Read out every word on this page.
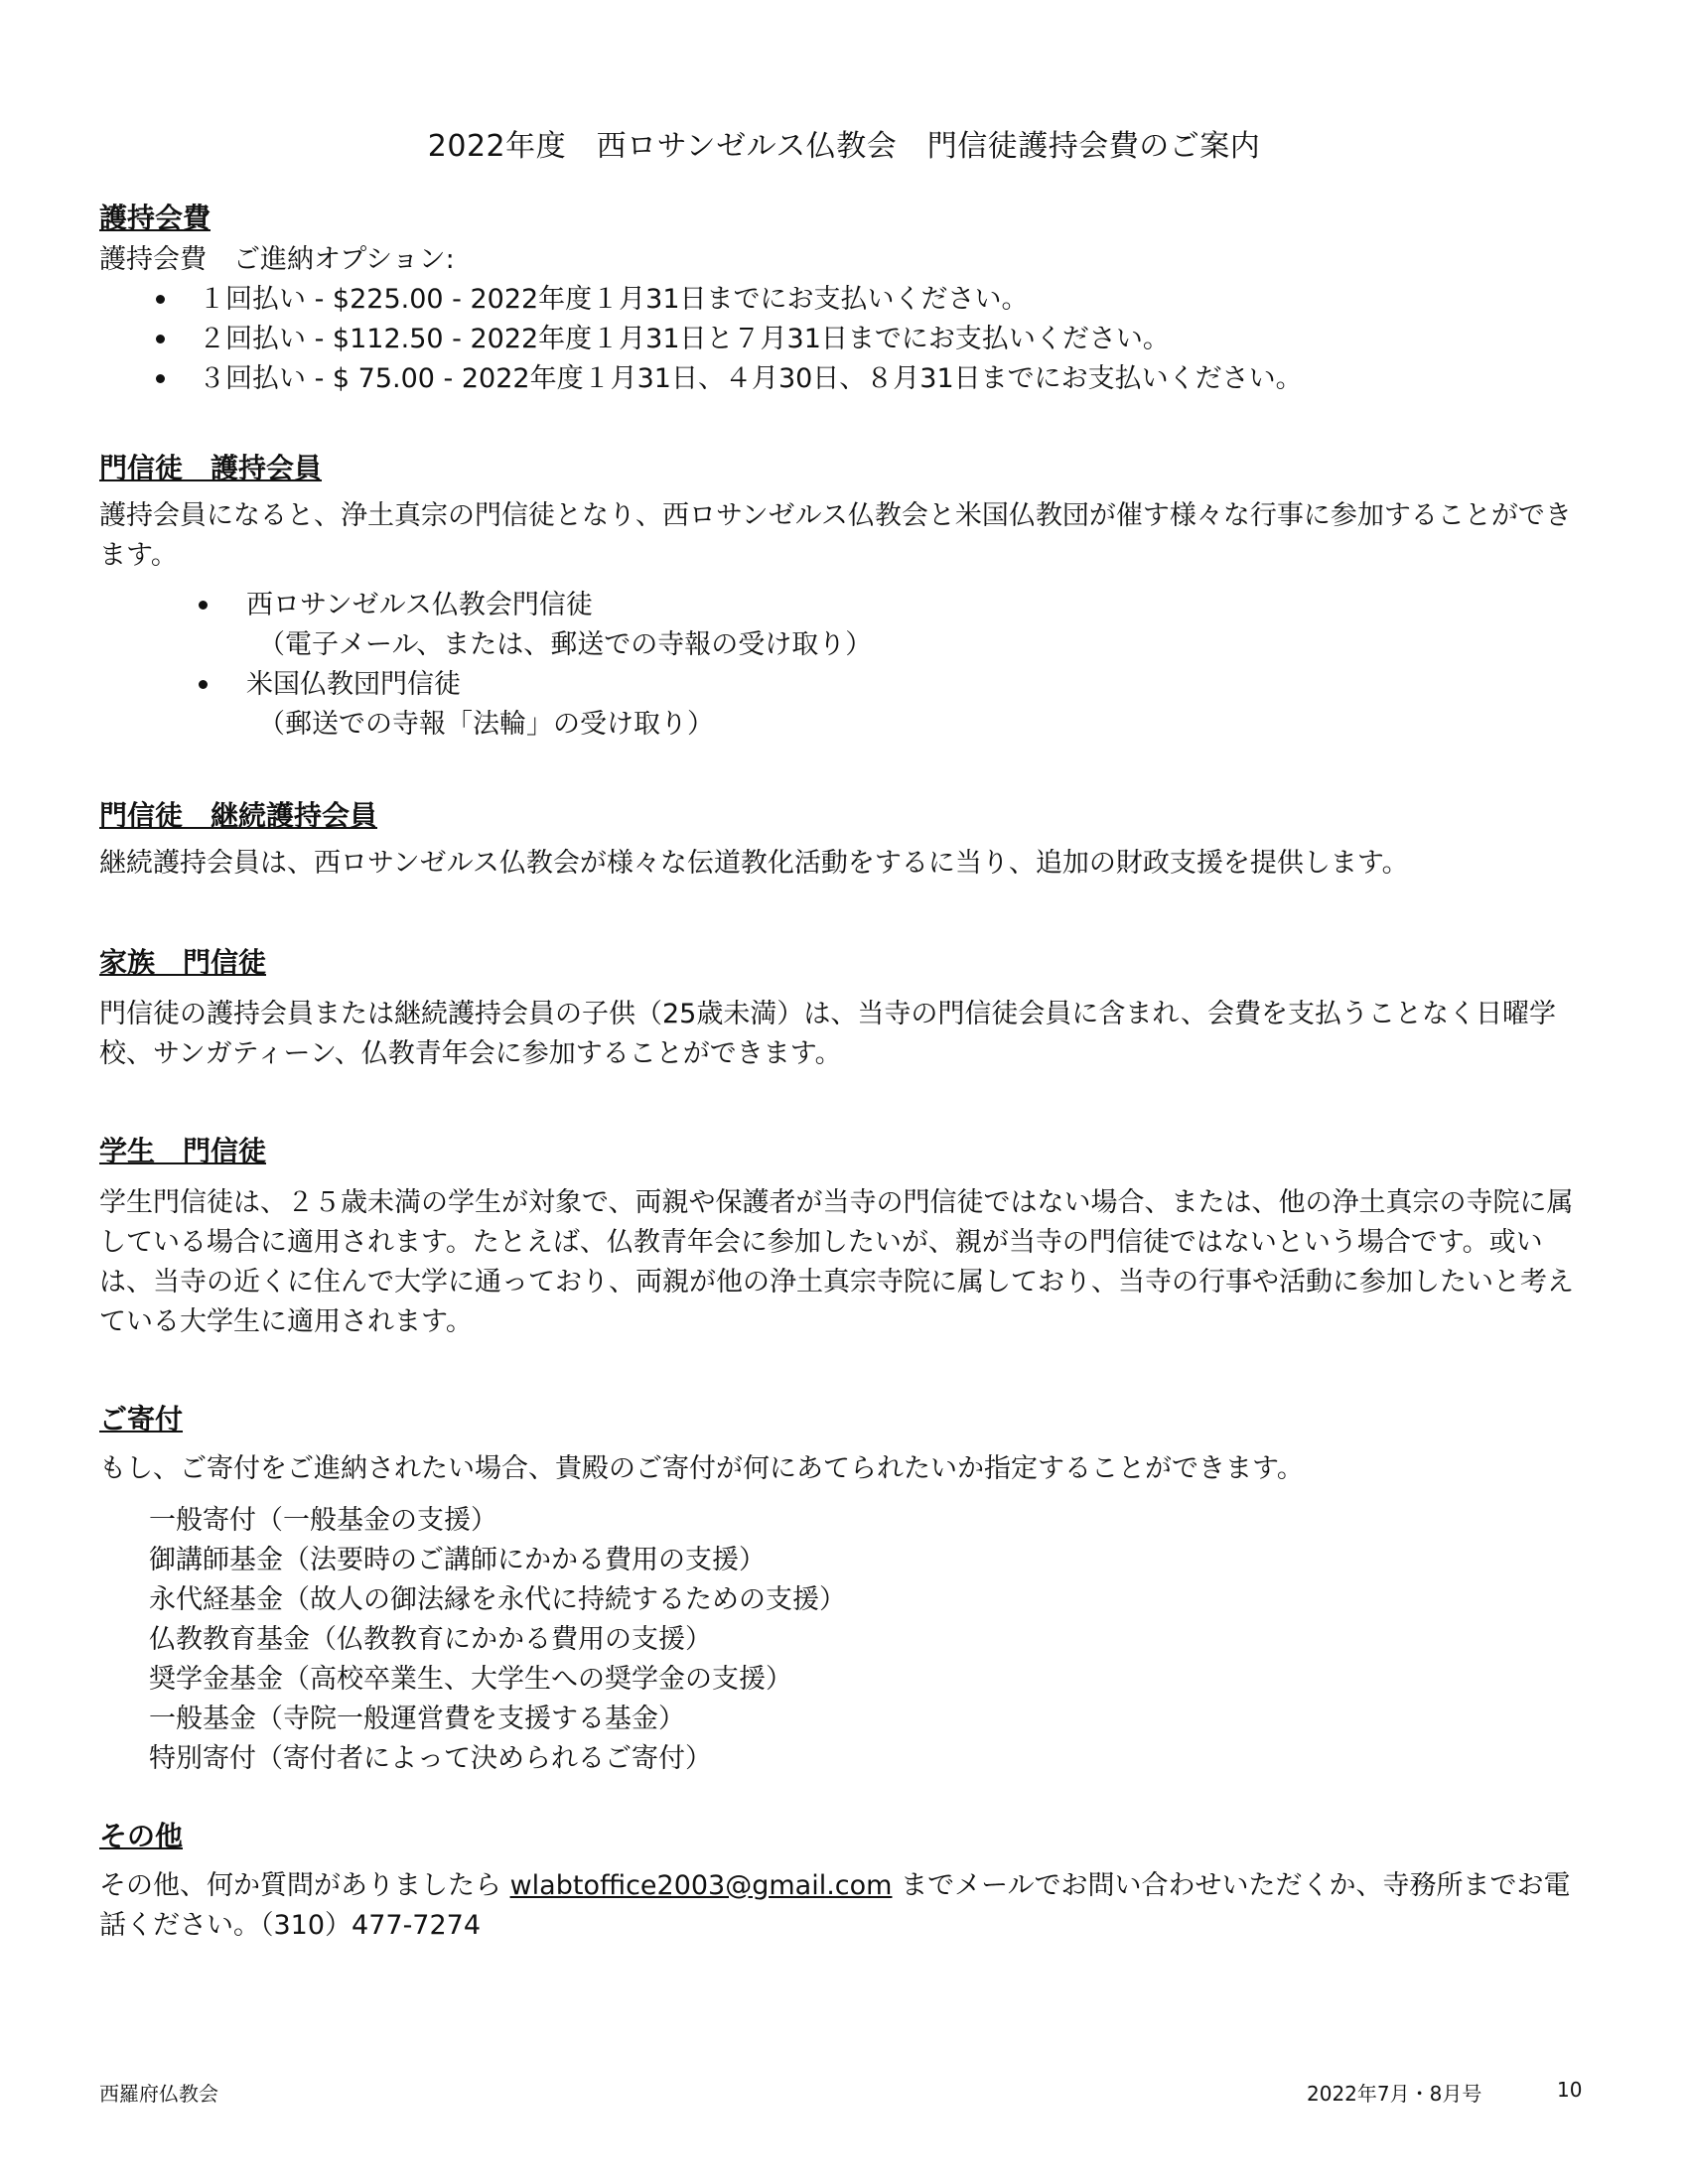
2022年度　西ロサンゼルス仏教会　門信徒護持会費のご案内
護持会費

護持会費　ご進納オプション:

１回払い - $225.00 - 2022年度１月31日までにお支払いください。
２回払い - $112.50 - 2022年度１月31日と７月31日までにお支払いください。
３回払い - $ 75.00 - 2022年度１月31日、４月30日、８月31日までにお支払いください。
門信徒　護持会員

護持会員になると、浄土真宗の門信徒となり、西ロサンゼルス仏教会と米国仏教団が催す様々な行事に参加することができます。

西ロサンゼルス仏教会門信徒
（電子メール、または、郵送での寺報の受け取り）
米国仏教団門信徒
（郵送での寺報「法輪」の受け取り）
門信徒　継続護持会員

継続護持会員は、西ロサンゼルス仏教会が様々な伝道教化活動をするに当り、追加の財政支援を提供します。

家族　門信徒

門信徒の護持会員または継続護持会員の子供（25歳未満）は、当寺の門信徒会員に含まれ、会費を支払うことなく日曜学校、サンガティーン、仏教青年会に参加することができます。

学生　門信徒

学生門信徒は、２５歳未満の学生が対象で、両親や保護者が当寺の門信徒ではない場合、または、他の浄土真宗の寺院に属している場合に適用されます。たとえば、仏教青年会に参加したいが、親が当寺の門信徒ではないという場合です。或いは、当寺の近くに住んで大学に通っており、両親が他の浄土真宗寺院に属しており、当寺の行事や活動に参加したいと考えている大学生に適用されます。

ご寄付

もし、ご寄付をご進納されたい場合、貴殿のご寄付が何にあてられたいか指定することができます。

一般寄付（一般基金の支援）
御講師基金（法要時のご講師にかかる費用の支援）
永代経基金（故人の御法縁を永代に持続するための支援）
仏教教育基金（仏教教育にかかる費用の支援）
奨学金基金（高校卒業生、大学生への奨学金の支援）
一般基金（寺院一般運営費を支援する基金）
特別寄付（寄付者によって決められるご寄付）
その他

その他、何か質問がありましたら wlabtoffice2003@gmail.com までメールでお問い合わせいただくか、寺務所までお電話ください。（310）477-7274

西羅府仏教会	2022年7月・8月号	10
